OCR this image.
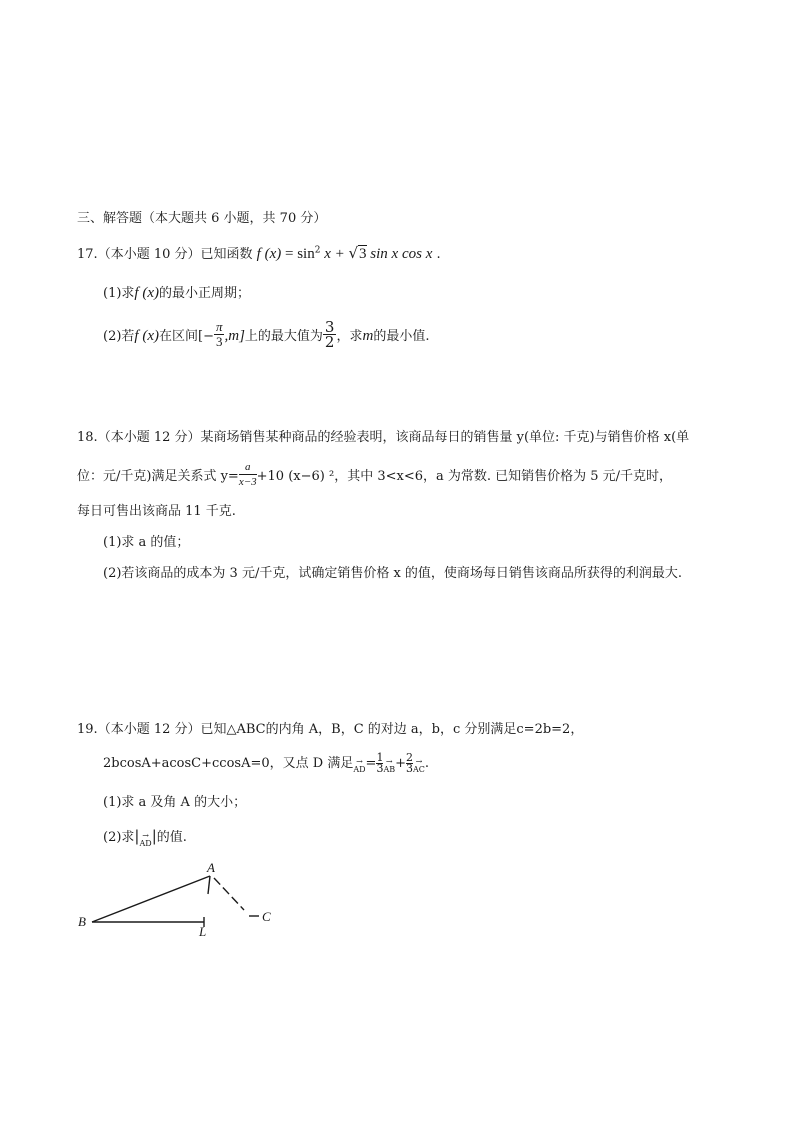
三、解答题（本大题共 6 小题，共 70 分）
17.（本小题 10 分）已知函数 f $(x) = \sin^2 x + √3$ sin x cos x .
(1)求f (x)的最小正周期；
(2)若f (x)在区间[− $\frac{\pi}{3} ,m$]上的最大值为 $\frac{3}{2}$ ，求m的最小值.
18.（本小题 12 分）某商场销售某种商品的经验表明，该商品每日的销售量 y(单位: 千克)与销售价格 x(单
位：元/千克)满足关系式 $y= \frac{a}{x-3} +10$ (x−6) ²，其中 3<x<6，a 为常数. 已知销售价格为 5 元/千克时，
每日可售出该商品 11 千克.
(1)求 a 的值；
(2)若该商品的成本为 3 元/千克，试确定销售价格 x 的值，使商场每日销售该商品所获得的利润最大.
19.（本小题 12 分）已知△ABC的内角 A，B，C 的对边 a，b，c 分别满足c=2b=2，
2bcosA+acosC+ccosA=0，又点 D 满足 →
AD = $\frac{1}{3}$ →
AB + $\frac{2}{3}$ →
AC .
(1)求 a 及角 A 的大小；
(2)求| →
AD |的值.
A
B	C
L
